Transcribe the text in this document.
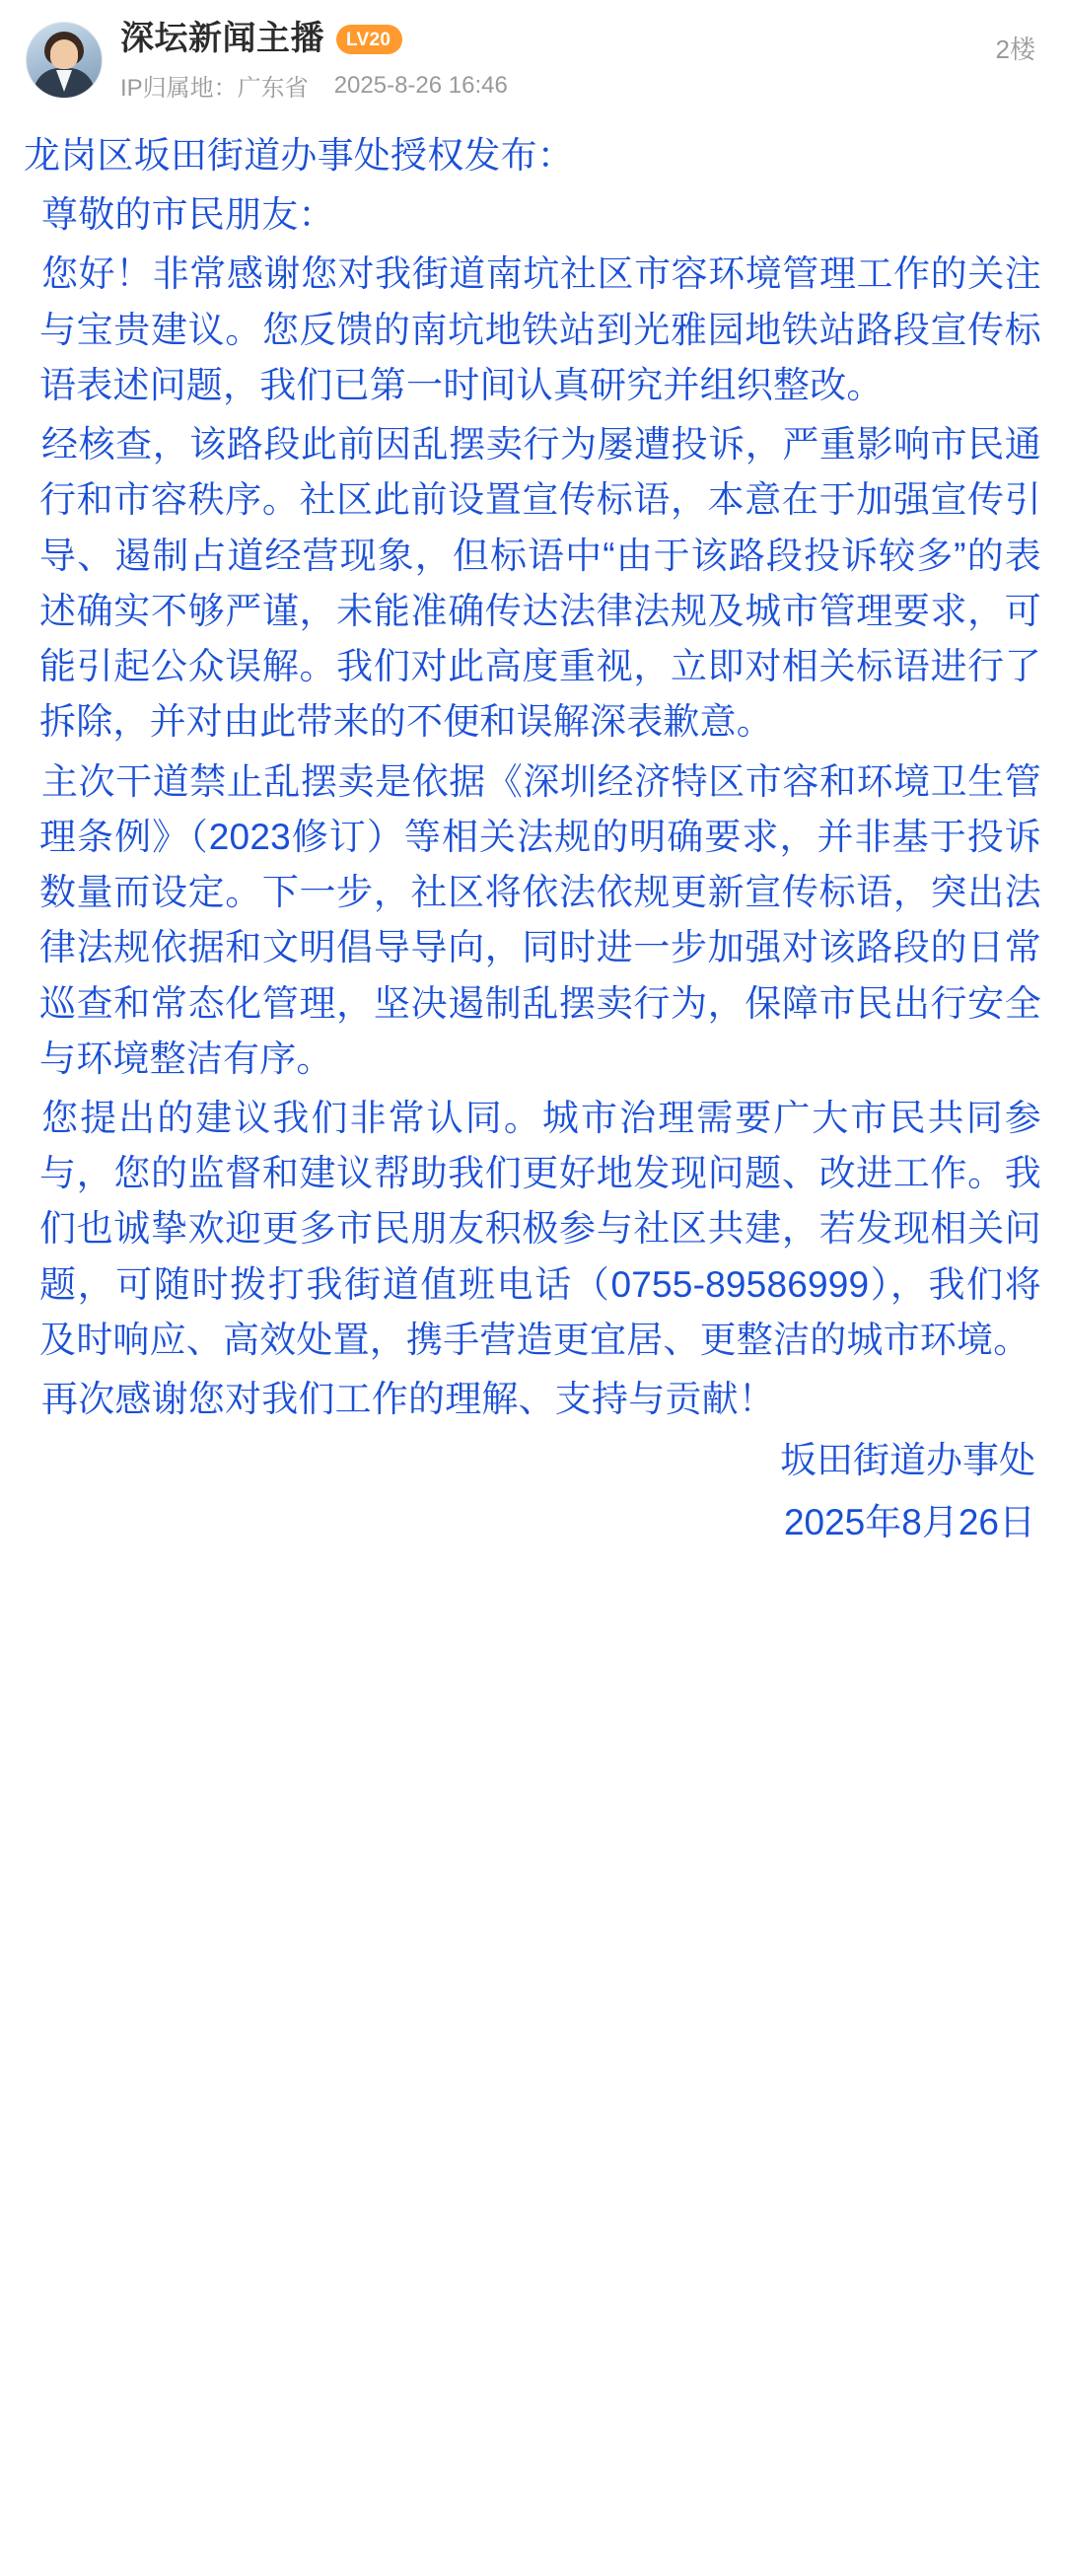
深坛新闻主播	LV20
IP归属地：广东省 2025-8-26 16:46
2楼

龙岗区坂田街道办事处授权发布：

尊敬的市民朋友：

您好！非常感谢您对我街道南坑社区市容环境管理工作的关注与宝贵建议。您反馈的南坑地铁站到光雅园地铁站路段宣传标语表述问题，我们已第一时间认真研究并组织整改。

经核查，该路段此前因乱摆卖行为屡遭投诉，严重影响市民通行和市容秩序。社区此前设置宣传标语，本意在于加强宣传引导、遏制占道经营现象，但标语中“由于该路段投诉较多”的表述确实不够严谨，未能准确传达法律法规及城市管理要求，可能引起公众误解。我们对此高度重视，立即对相关标语进行了拆除，并对由此带来的不便和误解深表歉意。

主次干道禁止乱摆卖是依据《深圳经济特区市容和环境卫生管理条例》（2023修订）等相关法规的明确要求，并非基于投诉数量而设定。下一步，社区将依法依规更新宣传标语，突出法律法规依据和文明倡导导向，同时进一步加强对该路段的日常巡查和常态化管理，坚决遏制乱摆卖行为，保障市民出行安全与环境整洁有序。

您提出的建议我们非常认同。城市治理需要广大市民共同参与，您的监督和建议帮助我们更好地发现问题、改进工作。我们也诚挚欢迎更多市民朋友积极参与社区共建，若发现相关问题，可随时拨打我街道值班电话（0755-89586999），我们将及时响应、高效处置，携手营造更宜居、更整洁的城市环境。

再次感谢您对我们工作的理解、支持与贡献！

坂田街道办事处
2025年8月26日
